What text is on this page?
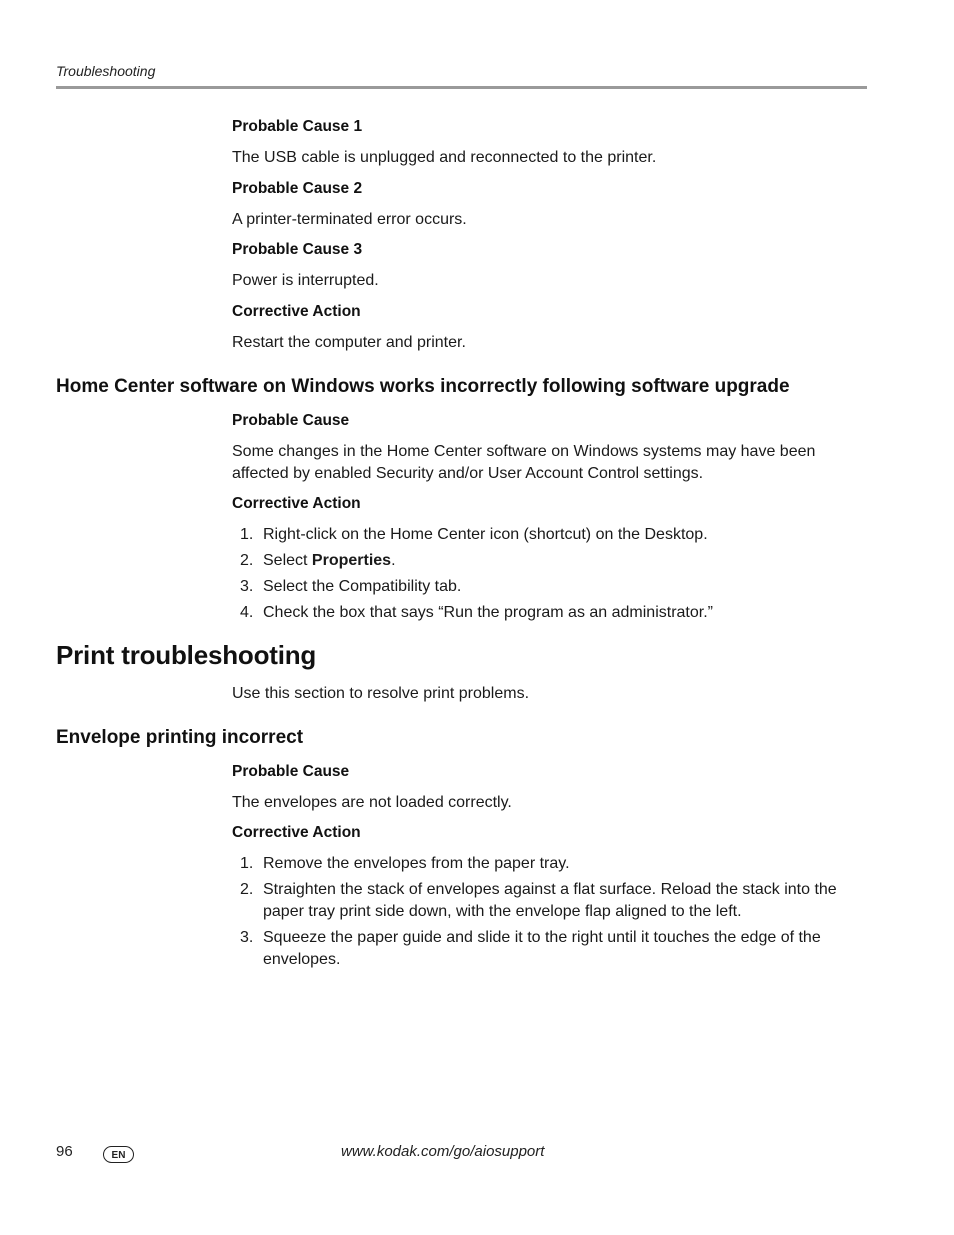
Troubleshooting
Probable Cause 1
The USB cable is unplugged and reconnected to the printer.
Probable Cause 2
A printer-terminated error occurs.
Probable Cause 3
Power is interrupted.
Corrective Action
Restart the computer and printer.
Home Center software on Windows works incorrectly following software upgrade
Probable Cause
Some changes in the Home Center software on Windows systems may have been affected by enabled Security and/or User Account Control settings.
Corrective Action
1. Right-click on the Home Center icon (shortcut) on the Desktop.
2. Select Properties.
3. Select the Compatibility tab.
4. Check the box that says “Run the program as an administrator.”
Print troubleshooting
Use this section to resolve print problems.
Envelope printing incorrect
Probable Cause
The envelopes are not loaded correctly.
Corrective Action
1. Remove the envelopes from the paper tray.
2. Straighten the stack of envelopes against a flat surface. Reload the stack into the paper tray print side down, with the envelope flap aligned to the left.
3. Squeeze the paper guide and slide it to the right until it touches the edge of the envelopes.
96	EN	www.kodak.com/go/aiosupport
